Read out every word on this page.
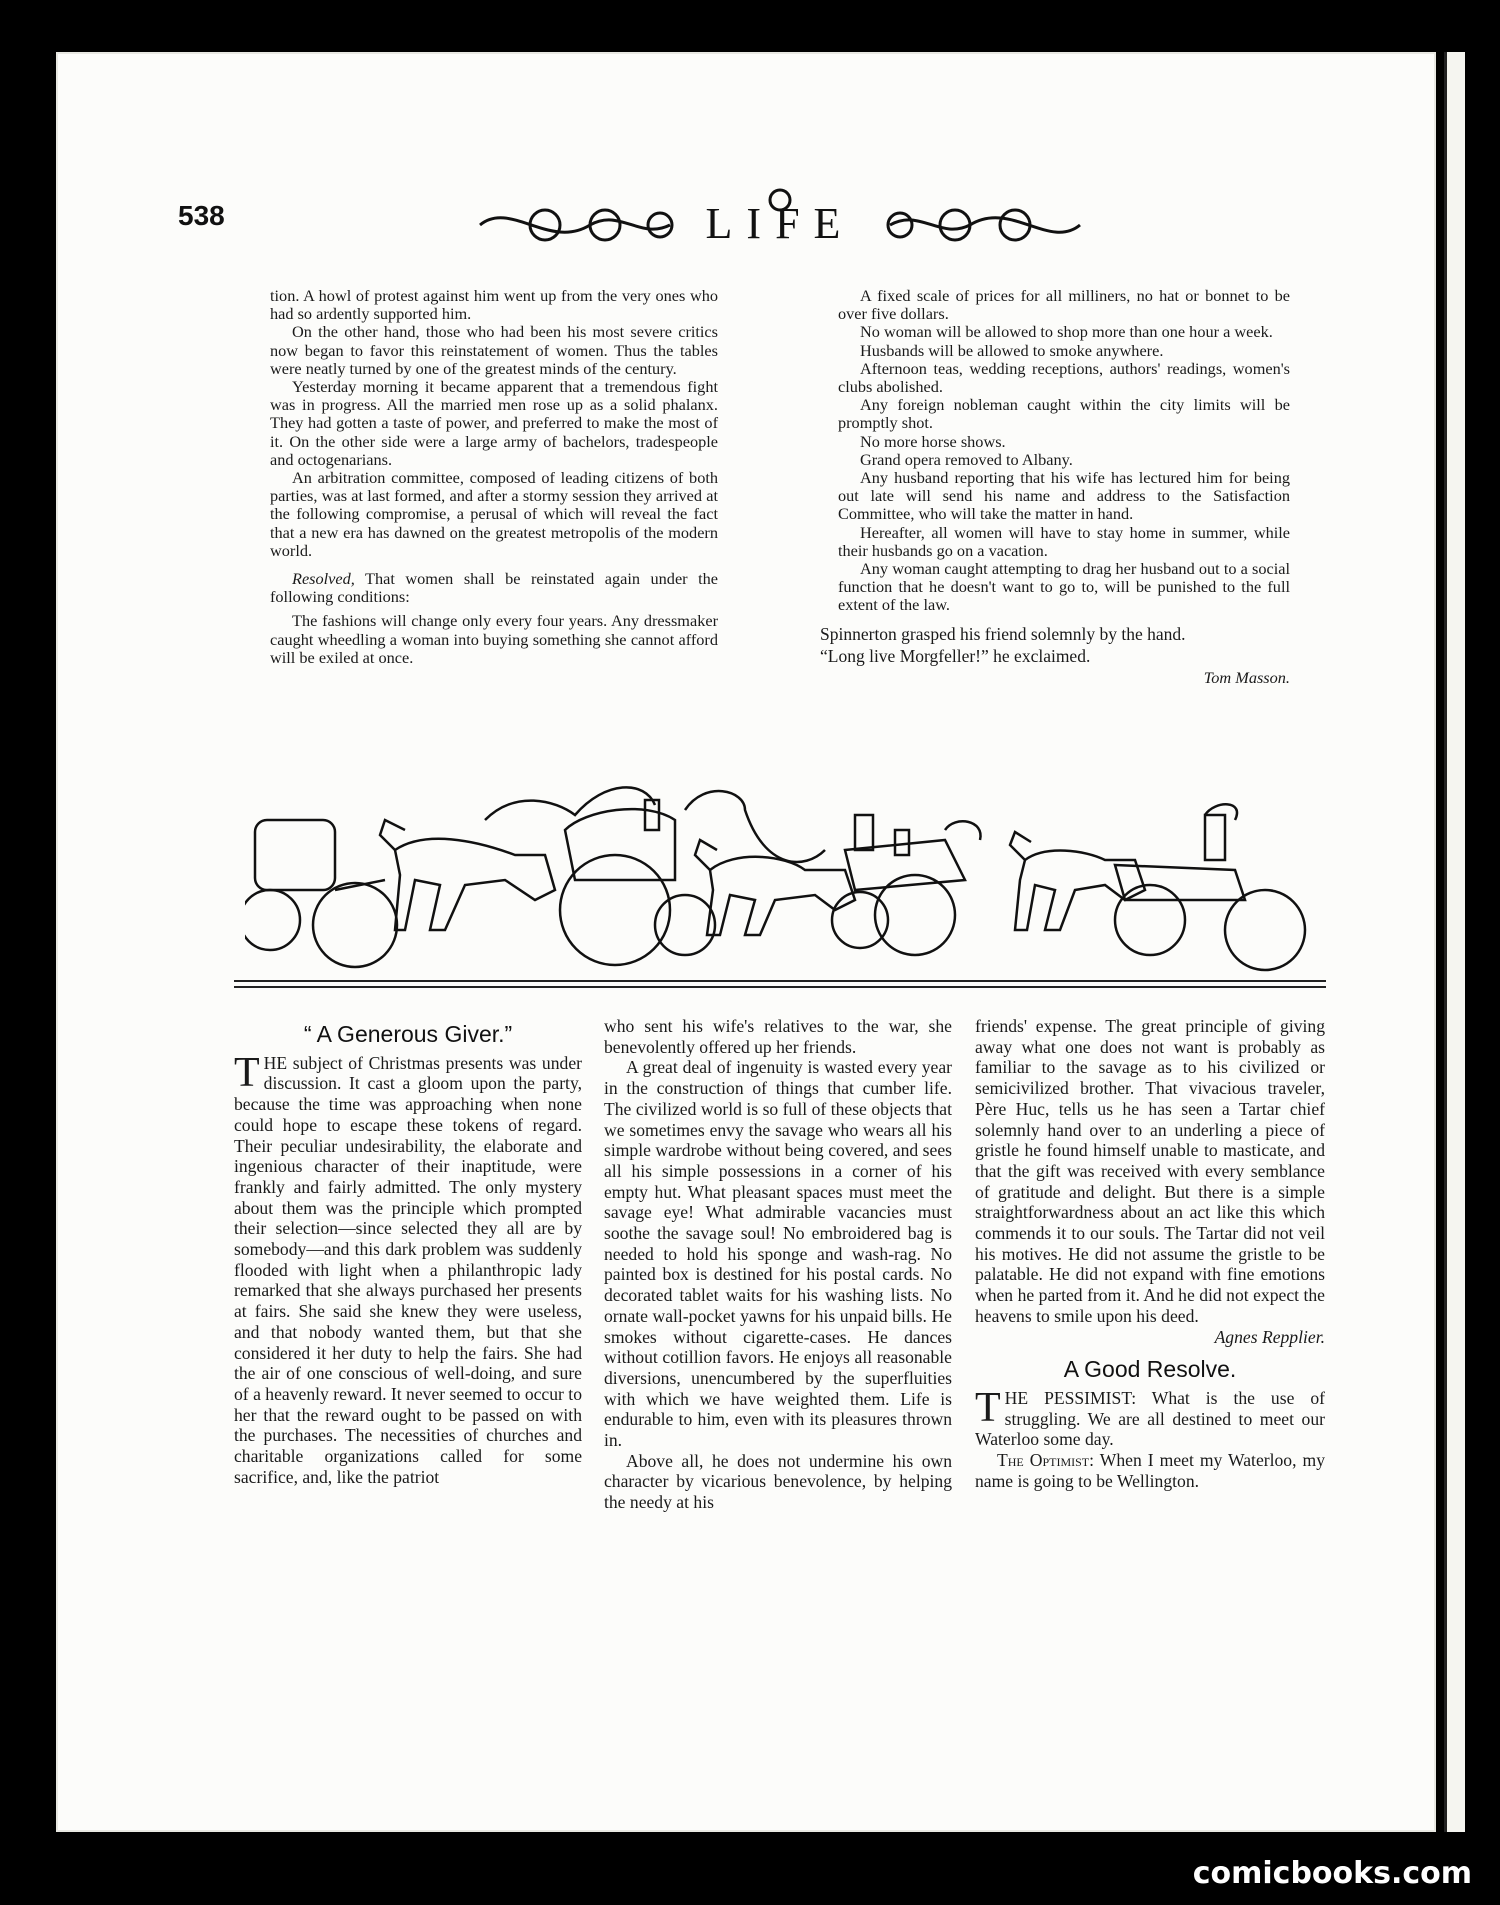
538	LIFE

tion. A howl of protest against him went up from the very ones who had so ardently supported him.

On the other hand, those who had been his most severe critics now began to favor this reinstatement of women. Thus the tables were neatly turned by one of the greatest minds of the century.

Yesterday morning it became apparent that a tremendous fight was in progress. All the married men rose up as a solid phalanx. They had gotten a taste of power, and preferred to make the most of it. On the other side were a large army of bachelors, tradespeople and octogenarians.

An arbitration committee, composed of leading citizens of both parties, was at last formed, and after a stormy session they arrived at the following compromise, a perusal of which will reveal the fact that a new era has dawned on the greatest metropolis of the modern world.

Resolved, That women shall be reinstated again under the following conditions:

The fashions will change only every four years. Any dressmaker caught wheedling a woman into buying something she cannot afford will be exiled at once.

A fixed scale of prices for all milliners, no hat or bonnet to be over five dollars.

No woman will be allowed to shop more than one hour a week.

Husbands will be allowed to smoke anywhere.

Afternoon teas, wedding receptions, authors' readings, women's clubs abolished.

Any foreign nobleman caught within the city limits will be promptly shot.

No more horse shows.

Grand opera removed to Albany.

Any husband reporting that his wife has lectured him for being out late will send his name and address to the Satisfaction Committee, who will take the matter in hand.

Hereafter, all women will have to stay home in summer, while their husbands go on a vacation.

Any woman caught attempting to drag her husband out to a social function that he doesn't want to go to, will be punished to the full extent of the law.

Spinnerton grasped his friend solemnly by the hand.

“Long live Morgfeller!” he exclaimed.

Tom Masson.

“ A Generous Giver.”

THE subject of Christmas presents was under discussion. It cast a gloom upon the party, because the time was approaching when none could hope to escape these tokens of regard. Their peculiar undesirability, the elaborate and ingenious character of their inaptitude, were frankly and fairly admitted. The only mystery about them was the principle which prompted their selection—since selected they all are by somebody—and this dark problem was suddenly flooded with light when a philanthropic lady remarked that she always purchased her presents at fairs. She said she knew they were useless, and that nobody wanted them, but that she considered it her duty to help the fairs. She had the air of one conscious of well-doing, and sure of a heavenly reward. It never seemed to occur to her that the reward ought to be passed on with the purchases. The necessities of churches and charitable organizations called for some sacrifice, and, like the patriot

who sent his wife's relatives to the war, she benevolently offered up her friends.

A great deal of ingenuity is wasted every year in the construction of things that cumber life. The civilized world is so full of these objects that we sometimes envy the savage who wears all his simple wardrobe without being covered, and sees all his simple possessions in a corner of his empty hut. What pleasant spaces must meet the savage eye! What admirable vacancies must soothe the savage soul! No embroidered bag is needed to hold his sponge and wash-rag. No painted box is destined for his postal cards. No decorated tablet waits for his washing lists. No ornate wall-pocket yawns for his unpaid bills. He smokes without cigarette-cases. He dances without cotillion favors. He enjoys all reasonable diversions, unencumbered by the superfluities with which we have weighted them. Life is endurable to him, even with its pleasures thrown in.

Above all, he does not undermine his own character by vicarious benevolence, by helping the needy at his

friends' expense. The great principle of giving away what one does not want is probably as familiar to the savage as to his civilized or semicivilized brother. That vivacious traveler, Père Huc, tells us he has seen a Tartar chief solemnly hand over to an underling a piece of gristle he found himself unable to masticate, and that the gift was received with every semblance of gratitude and delight. But there is a simple straightforwardness about an act like this which commends it to our souls. The Tartar did not veil his motives. He did not assume the gristle to be palatable. He did not expand with fine emotions when he parted from it. And he did not expect the heavens to smile upon his deed.

Agnes Repplier.

A Good Resolve.

THE PESSIMIST: What is the use of struggling. We are all destined to meet our Waterloo some day.

The Optimist: When I meet my Waterloo, my name is going to be Wellington.

comicbooks.com
